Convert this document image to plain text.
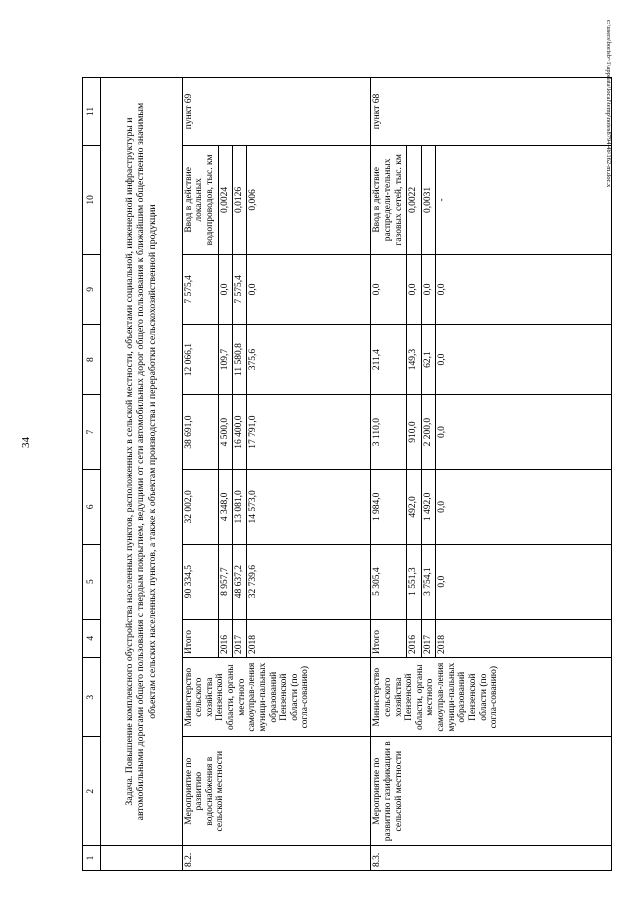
34
c:\users\borisb~1\appdata\local\temp\notes8794 4b\162-m.doc.x
1	2	3	4	5	6	7	8	9	10	11
	Задача. Повышение комплексного обустройства населенных пунктов, расположенных в сельской местности, объектами социальной, инженерной инфраструктуры и автомобильными дорогами общего пользования с твердым покрытием, ведущими от сети автомобильных дорог общего пользования к ближайшим общественно значимым объектам сельских населенных пунктов, а также к объектам производства и переработки сельскохозяйственной продукции									
8.2.	Мероприятие по развитию водоснабжения в сельской местности	Министерство сельского хозяйства Пензенской области, органы местного самоуправ-ления муници-пальных образований Пензенской области (по согла-сованию)	Итого	90 334,5	32 002,0	38 691,0	12 066,1	7 575,4	Ввод в действие локальных водопроводов, тыс. км	пункт 69
			2016	8 957,7	4 348,0	4 500,0	109,7	0,0	0,0024	
			2017	48 637,2	13 081,0	16 400,0	11 580,8	7 575,4	0,0126	
			2018	32 739,6	14 573,0	17 791,0	375,6	0,0	0,006	
8.3.	Мероприятие по развитию газификации в сельской местности	Министерство сельского хозяйства Пензенской области, органы местного самоуправ-ления муници-пальных образований Пензенской области (по согла-сованию)	Итого	5 305,4	1 984,0	3 110,0	211,4	0,0	Ввод в действие распредели-тельных газовых сетей, тыс. км	пункт 68
			2016	1 551,3	492,0	910,0	149,3	0,0	0,0022	
			2017	3 754,1	1 492,0	2 200,0	62,1	0,0	0,0031	
			2018	0,0	0,0	0,0	0,0	0,0	-	
